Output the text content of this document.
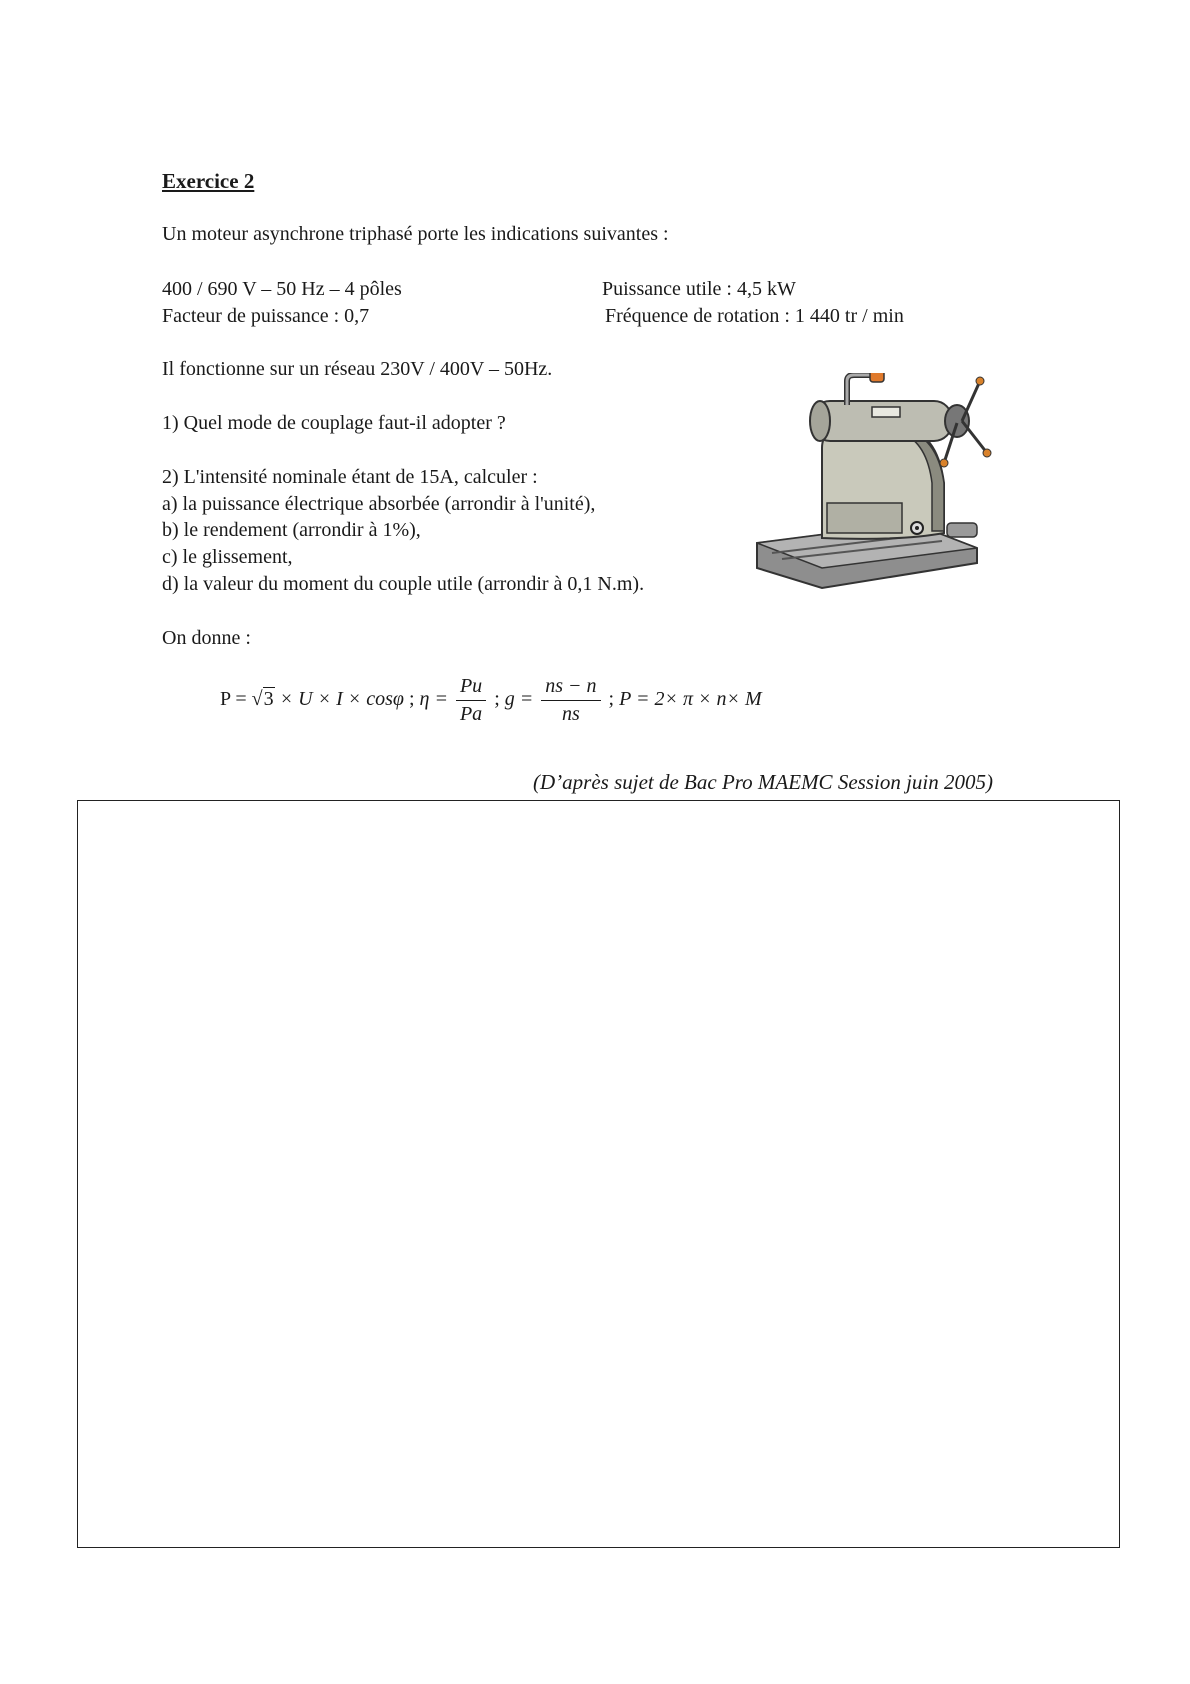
Exercice 2
Un moteur asynchrone triphasé porte les indications suivantes :
400 / 690 V – 50 Hz – 4 pôles
Facteur de puissance : 0,7
Puissance utile : 4,5 kW
Fréquence de rotation : 1 440 tr / min
Il fonctionne sur un réseau 230V / 400V – 50Hz.
1) Quel mode de couplage faut-il adopter ?
2) L'intensité nominale étant de 15A, calculer :
a) la puissance électrique absorbée (arrondir à l'unité),
b) le rendement (arrondir à 1%),
c) le glissement,
d) la valeur du moment du couple utile (arrondir à 0,1 N.m).
On donne :
P = √3 × U × I × cosφ ; $\eta = \frac{Pu}{Pa}$ ; $g = \frac{ns - n}{ns}$ ; P = 2× π × n× M
(D’après sujet de Bac Pro MAEMC Session juin 2005)
